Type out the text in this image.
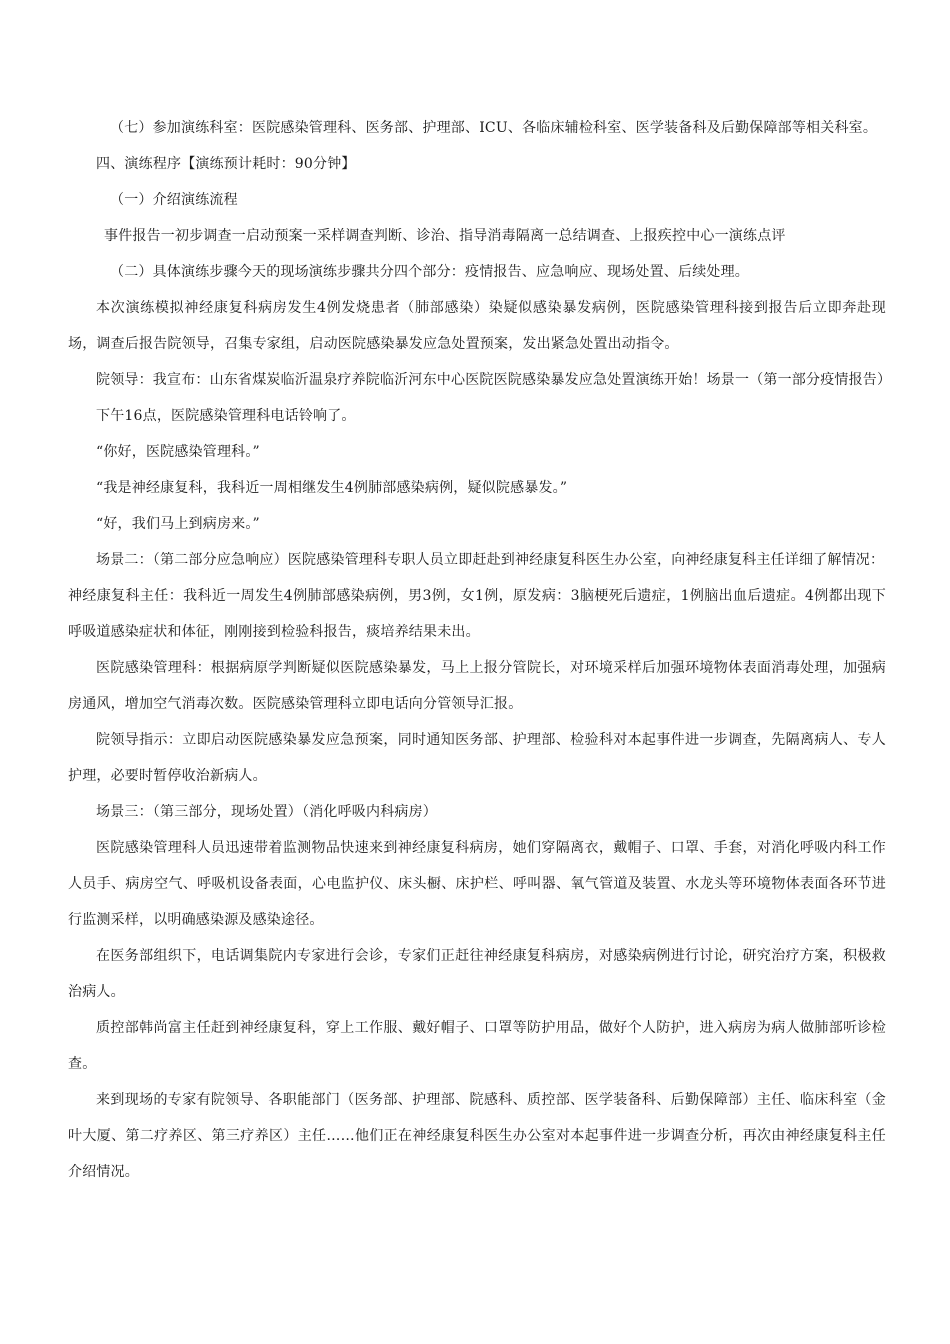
（七）参加演练科室：医院感染管理科、医务部、护理部、ICU、各临床辅检科室、医学装备科及后勤保障部等相关科室。

四、演练程序【演练预计耗时：90分钟】

（一）介绍演练流程

事件报告一初步调查一启动预案一采样调查判断、诊治、指导消毒隔离一总结调查、上报疾控中心一演练点评

（二）具体演练步骤今天的现场演练步骤共分四个部分：疫情报告、应急响应、现场处置、后续处理。

本次演练模拟神经康复科病房发生4例发烧患者（肺部感染）染疑似感染暴发病例，医院感染管理科接到报告后立即奔赴现场，调查后报告院领导，召集专家组，启动医院感染暴发应急处置预案，发出紧急处置出动指令。

院领导：我宣布：山东省煤炭临沂温泉疗养院临沂河东中心医院医院感染暴发应急处置演练开始！场景一（第一部分疫情报告）

下午16点，医院感染管理科电话铃响了。

“你好，医院感染管理科。”

“我是神经康复科，我科近一周相继发生4例肺部感染病例，疑似院感暴发。”

“好，我们马上到病房来。”

场景二：（第二部分应急响应）医院感染管理科专职人员立即赶赴到神经康复科医生办公室，向神经康复科主任详细了解情况：

神经康复科主任：我科近一周发生4例肺部感染病例，男3例，女1例，原发病：3脑梗死后遗症，1例脑出血后遗症。4例都出现下呼吸道感染症状和体征，刚刚接到检验科报告，痰培养结果未出。

医院感染管理科：根据病原学判断疑似医院感染暴发，马上上报分管院长，对环境采样后加强环境物体表面消毒处理，加强病房通风，增加空气消毒次数。医院感染管理科立即电话向分管领导汇报。

院领导指示：立即启动医院感染暴发应急预案，同时通知医务部、护理部、检验科对本起事件进一步调查，先隔离病人、专人护理，必要时暂停收治新病人。

场景三：（第三部分，现场处置）（消化呼吸内科病房）

医院感染管理科人员迅速带着监测物品快速来到神经康复科病房，她们穿隔离衣，戴帽子、口罩、手套，对消化呼吸内科工作人员手、病房空气、呼吸机设备表面，心电监护仪、床头橱、床护栏、呼叫器、氧气管道及装置、水龙头等环境物体表面各环节进行监测采样，以明确感染源及感染途径。

在医务部组织下，电话调集院内专家进行会诊，专家们正赶往神经康复科病房，对感染病例进行讨论，研究治疗方案，积极救治病人。

质控部韩尚富主任赶到神经康复科，穿上工作服、戴好帽子、口罩等防护用品，做好个人防护，进入病房为病人做肺部听诊检查。

来到现场的专家有院领导、各职能部门（医务部、护理部、院感科、质控部、医学装备科、后勤保障部）主任、临床科室（金叶大厦、第二疗养区、第三疗养区）主任……他们正在神经康复科医生办公室对本起事件进一步调查分析，再次由神经康复科主任介绍情况。
